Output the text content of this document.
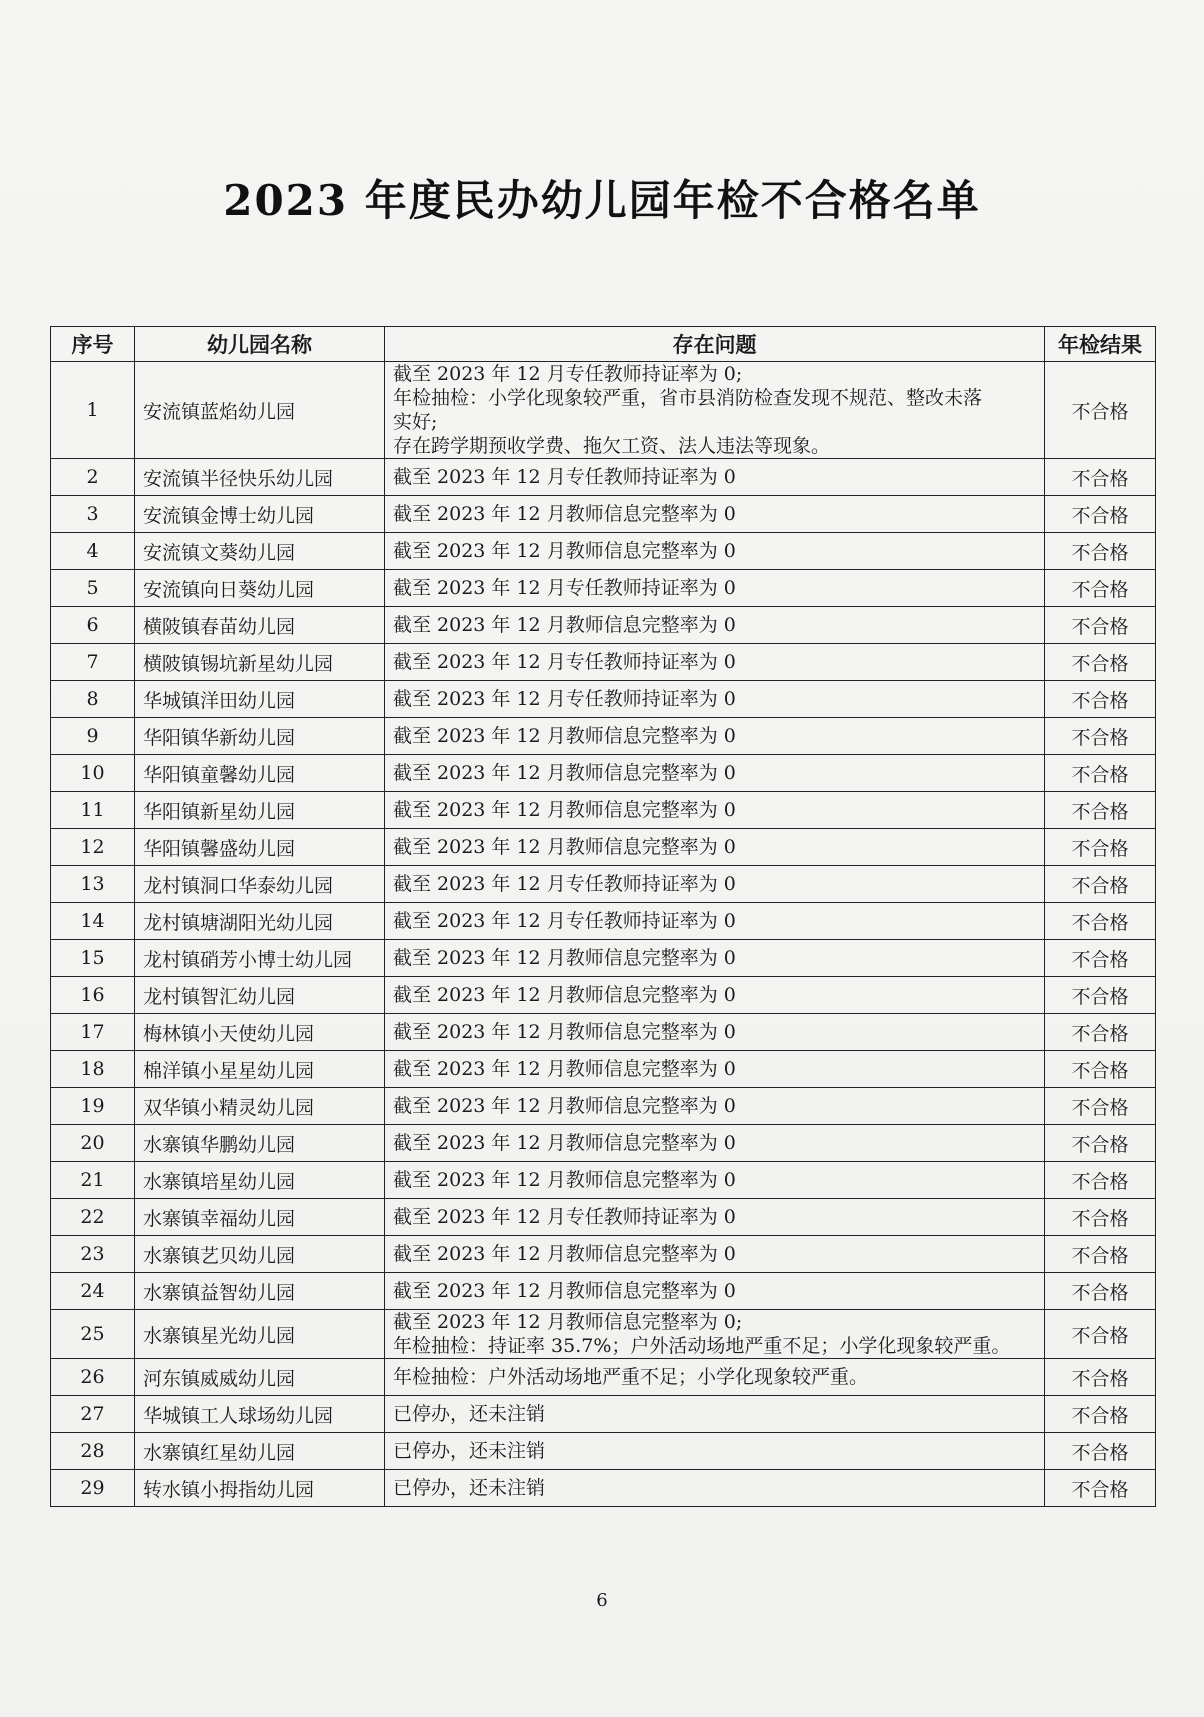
2023 年度民办幼儿园年检不合格名单
序号	幼儿园名称	存在问题	年检结果
1	安流镇蓝焰幼儿园	截至 2023 年 12 月专任教师持证率为 0;
年检抽检：小学化现象较严重，省市县消防检查发现不规范、整改未落
实好;
存在跨学期预收学费、拖欠工资、法人违法等现象。	不合格
2	安流镇半径快乐幼儿园	截至 2023 年 12 月专任教师持证率为 0	不合格
3	安流镇金博士幼儿园	截至 2023 年 12 月教师信息完整率为 0	不合格
4	安流镇文葵幼儿园	截至 2023 年 12 月教师信息完整率为 0	不合格
5	安流镇向日葵幼儿园	截至 2023 年 12 月专任教师持证率为 0	不合格
6	横陂镇春苗幼儿园	截至 2023 年 12 月教师信息完整率为 0	不合格
7	横陂镇锡坑新星幼儿园	截至 2023 年 12 月专任教师持证率为 0	不合格
8	华城镇洋田幼儿园	截至 2023 年 12 月专任教师持证率为 0	不合格
9	华阳镇华新幼儿园	截至 2023 年 12 月教师信息完整率为 0	不合格
10	华阳镇童馨幼儿园	截至 2023 年 12 月教师信息完整率为 0	不合格
11	华阳镇新星幼儿园	截至 2023 年 12 月教师信息完整率为 0	不合格
12	华阳镇馨盛幼儿园	截至 2023 年 12 月教师信息完整率为 0	不合格
13	龙村镇洞口华泰幼儿园	截至 2023 年 12 月专任教师持证率为 0	不合格
14	龙村镇塘湖阳光幼儿园	截至 2023 年 12 月专任教师持证率为 0	不合格
15	龙村镇硝芳小博士幼儿园	截至 2023 年 12 月教师信息完整率为 0	不合格
16	龙村镇智汇幼儿园	截至 2023 年 12 月教师信息完整率为 0	不合格
17	梅林镇小天使幼儿园	截至 2023 年 12 月教师信息完整率为 0	不合格
18	棉洋镇小星星幼儿园	截至 2023 年 12 月教师信息完整率为 0	不合格
19	双华镇小精灵幼儿园	截至 2023 年 12 月教师信息完整率为 0	不合格
20	水寨镇华鹏幼儿园	截至 2023 年 12 月教师信息完整率为 0	不合格
21	水寨镇培星幼儿园	截至 2023 年 12 月教师信息完整率为 0	不合格
22	水寨镇幸福幼儿园	截至 2023 年 12 月专任教师持证率为 0	不合格
23	水寨镇艺贝幼儿园	截至 2023 年 12 月教师信息完整率为 0	不合格
24	水寨镇益智幼儿园	截至 2023 年 12 月教师信息完整率为 0	不合格
25	水寨镇星光幼儿园	截至 2023 年 12 月教师信息完整率为 0;
年检抽检：持证率 35.7%；户外活动场地严重不足；小学化现象较严重。	不合格
26	河东镇威威幼儿园	年检抽检：户外活动场地严重不足；小学化现象较严重。	不合格
27	华城镇工人球场幼儿园	已停办，还未注销	不合格
28	水寨镇红星幼儿园	已停办，还未注销	不合格
29	转水镇小拇指幼儿园	已停办，还未注销	不合格
6
